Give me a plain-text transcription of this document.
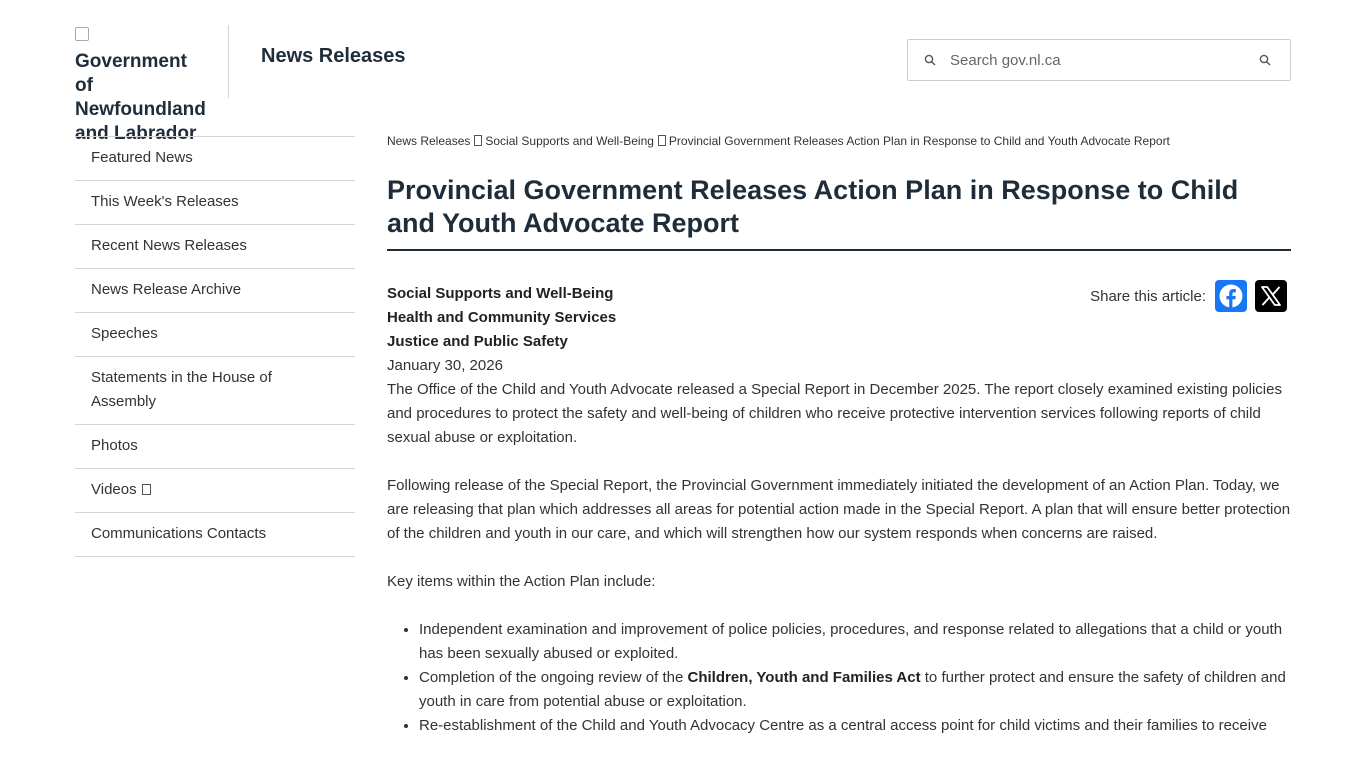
Government of Newfoundland and Labrador
News Releases
Search gov.nl.ca
Featured News
This Week's Releases
Recent News Releases
News Release Archive
Speeches
Statements in the House of Assembly
Photos
Videos
Communications Contacts
News Releases Social Supports and Well-Being Provincial Government Releases Action Plan in Response to Child and Youth Advocate Report
Provincial Government Releases Action Plan in Response to Child and Youth Advocate Report
Social Supports and Well-Being
Health and Community Services
Justice and Public Safety
January 30, 2026
Share this article:

The Office of the Child and Youth Advocate released a Special Report in December 2025. The report closely examined existing policies and procedures to protect the safety and well-being of children who receive protective intervention services following reports of child sexual abuse or exploitation.

Following release of the Special Report, the Provincial Government immediately initiated the development of an Action Plan. Today, we are releasing that plan which addresses all areas for potential action made in the Special Report. A plan that will ensure better protection of the children and youth in our care, and which will strengthen how our system responds when concerns are raised.

Key items within the Action Plan include:

• Independent examination and improvement of police policies, procedures, and response related to allegations that a child or youth has been sexually abused or exploited.
• Completion of the ongoing review of the Children, Youth and Families Act to further protect and ensure the safety of children and youth in care from potential abuse or exploitation.
• Re-establishment of the Child and Youth Advocacy Centre as a central access point for child victims and their families to receive
